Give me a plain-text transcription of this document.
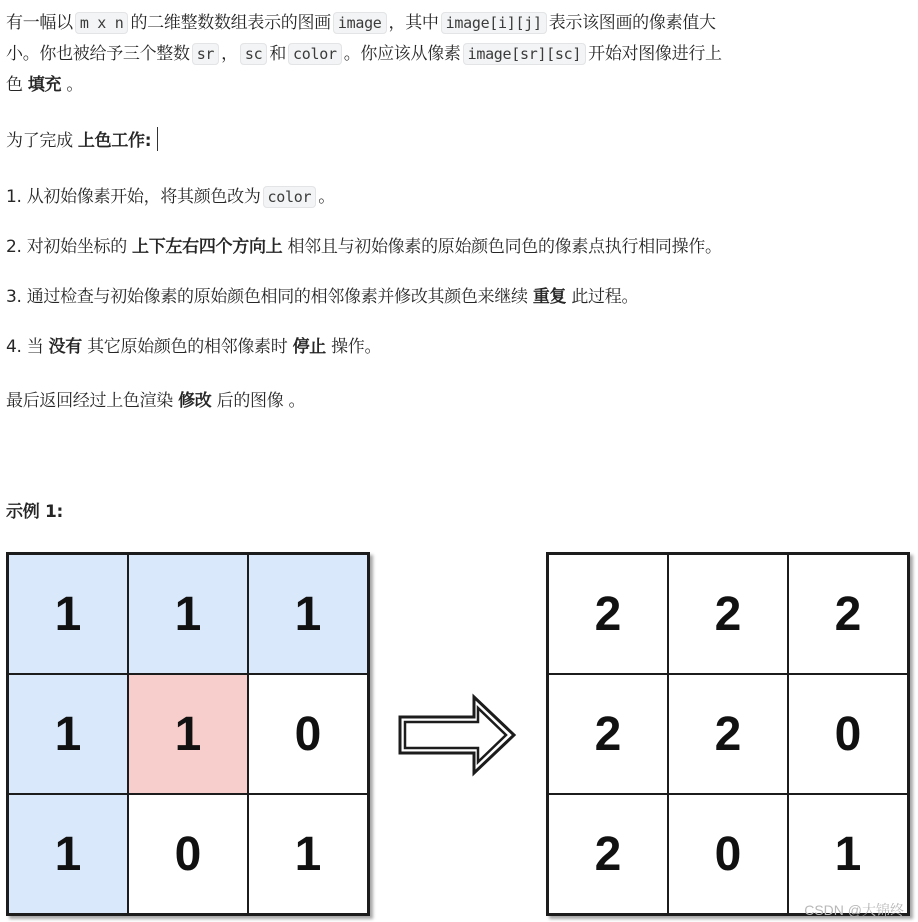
有一幅以 m x n 的二维整数数组表示的图画 image ，其中 image[i][j] 表示该图画的像素值大
小。你也被给予三个整数 sr ， sc 和 color 。你应该从像素 image[sr][sc] 开始对图像进行上
色 填充 。
为了完成 上色工作:
1. 从初始像素开始，将其颜色改为 color 。
2. 对初始坐标的 上下左右四个方向上 相邻且与初始像素的原始颜色同色的像素点执行相同操作。
3. 通过检查与初始像素的原始颜色相同的相邻像素并修改其颜色来继续 重复 此过程。
4. 当 没有 其它原始颜色的相邻像素时 停止 操作。
最后返回经过上色渲染 修改 后的图像 。
示例 1:
1	1	1
1	1	0
1	0	1
2	2	2
2	2	0
2	0	1
CSDN @大锦终
